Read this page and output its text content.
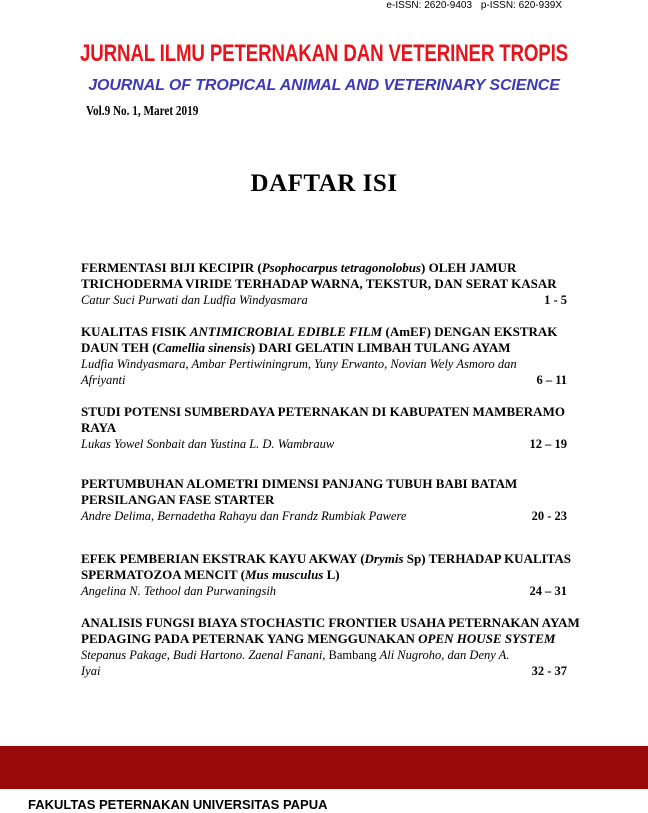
e-ISSN: 2620-9403 p-ISSN: 620-939X
JURNAL ILMU PETERNAKAN DAN VETERINER TROPIS
JOURNAL OF TROPICAL ANIMAL AND VETERINARY SCIENCE
Vol.9 No. 1, Maret 2019
DAFTAR ISI

FERMENTASI BIJI KECIPIR (Psophocarpus tetragonolobus) OLEH JAMUR

TRICHODERMA VIRIDE TERHADAP WARNA, TEKSTUR, DAN SERAT KASAR

Catur Suci Purwati dan Ludfia Windyasmara	1 - 5

KUALITAS FISIK ANTIMICROBIAL EDIBLE FILM (AmEF) DENGAN EKSTRAK

DAUN TEH (Camellia sinensis) DARI GELATIN LIMBAH TULANG AYAM

Ludfia Windyasmara, Ambar Pertiwiningrum, Yuny Erwanto, Novian Wely Asmoro dan
Afriyanti	6 – 11

STUDI POTENSI SUMBERDAYA PETERNAKAN DI KABUPATEN MAMBERAMO

RAYA

Lukas Yowel Sonbait dan Yustina L. D. Wambrauw	12 – 19

PERTUMBUHAN ALOMETRI DIMENSI PANJANG TUBUH BABI BATAM

PERSILANGAN FASE STARTER

Andre Delima, Bernadetha Rahayu dan Frandz Rumbiak Pawere	20 - 23

EFEK PEMBERIAN EKSTRAK KAYU AKWAY (Drymis Sp) TERHADAP KUALITAS

SPERMATOZOA MENCIT (Mus musculus L)

Angelina N. Tethool dan Purwaningsih	24 – 31

ANALISIS FUNGSI BIAYA STOCHASTIC FRONTIER USAHA PETERNAKAN AYAM

PEDAGING PADA PETERNAK YANG MENGGUNAKAN OPEN HOUSE SYSTEM

Stepanus Pakage, Budi Hartono. Zaenal Fanani, Bambang Ali Nugroho, dan Deny A.
Iyai	32 - 37
FAKULTAS PETERNAKAN UNIVERSITAS PAPUA
